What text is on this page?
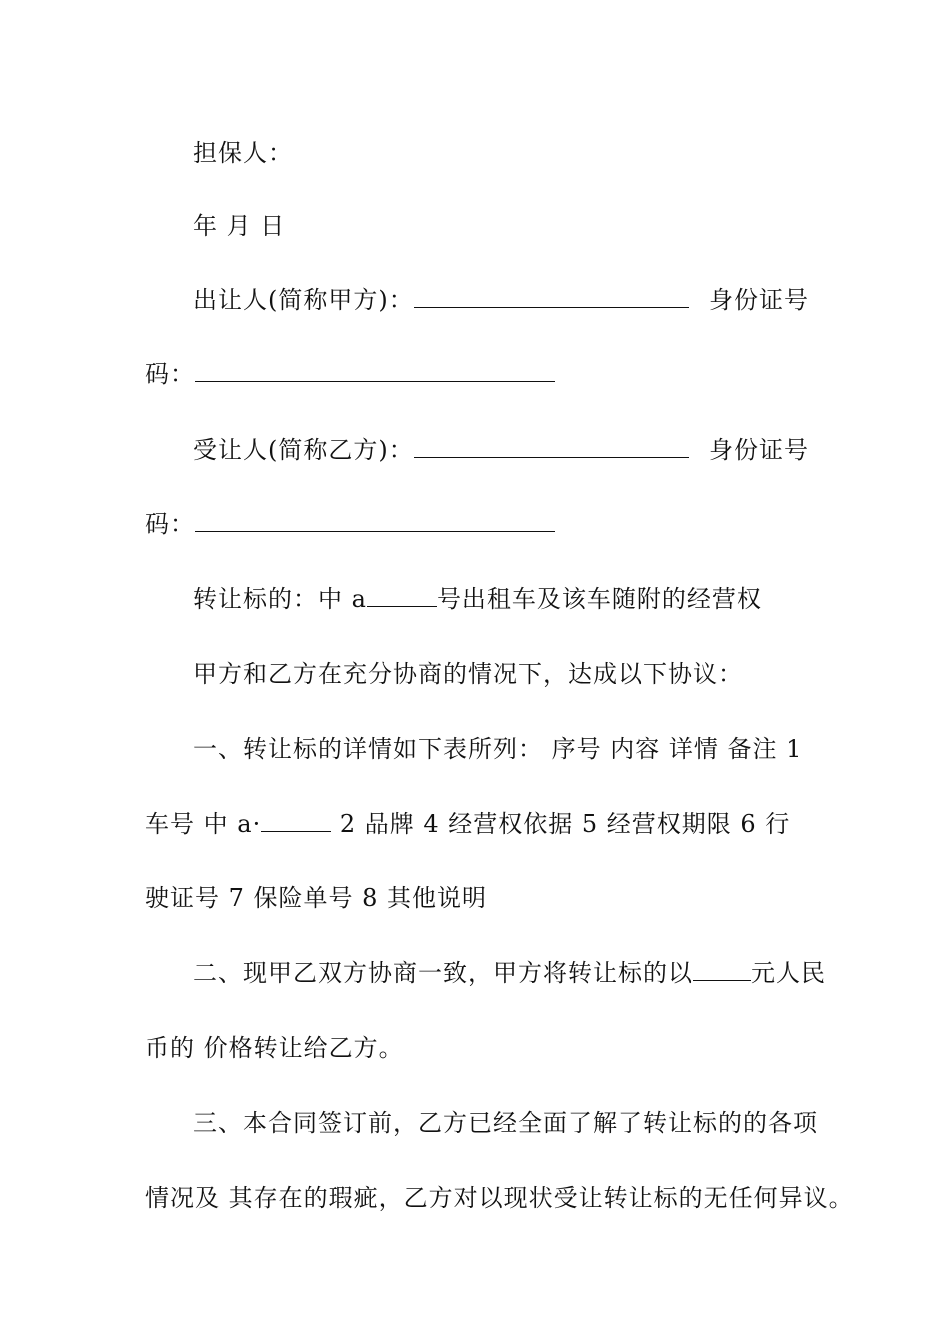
担保人：
年 月 日
出让人(简称甲方)：	身份证号
码：
受让人(简称乙方)：	身份证号
码：
转让标的：中 a	号出租车及该车随附的经营权
甲方和乙方在充分协商的情况下，达成以下协议：
一、转让标的详情如下表所列： 序号 内容 详情 备注 1
车号 中 a·	2 品牌 4 经营权依据 5 经营权期限 6 行
驶证号 7 保险单号 8 其他说明
二、现甲乙双方协商一致，甲方将转让标的以 元人民
币的 价格转让给乙方。
三、本合同签订前，乙方已经全面了解了转让标的的各项
情况及 其存在的瑕疵，乙方对以现状受让转让标的无任何异议。
